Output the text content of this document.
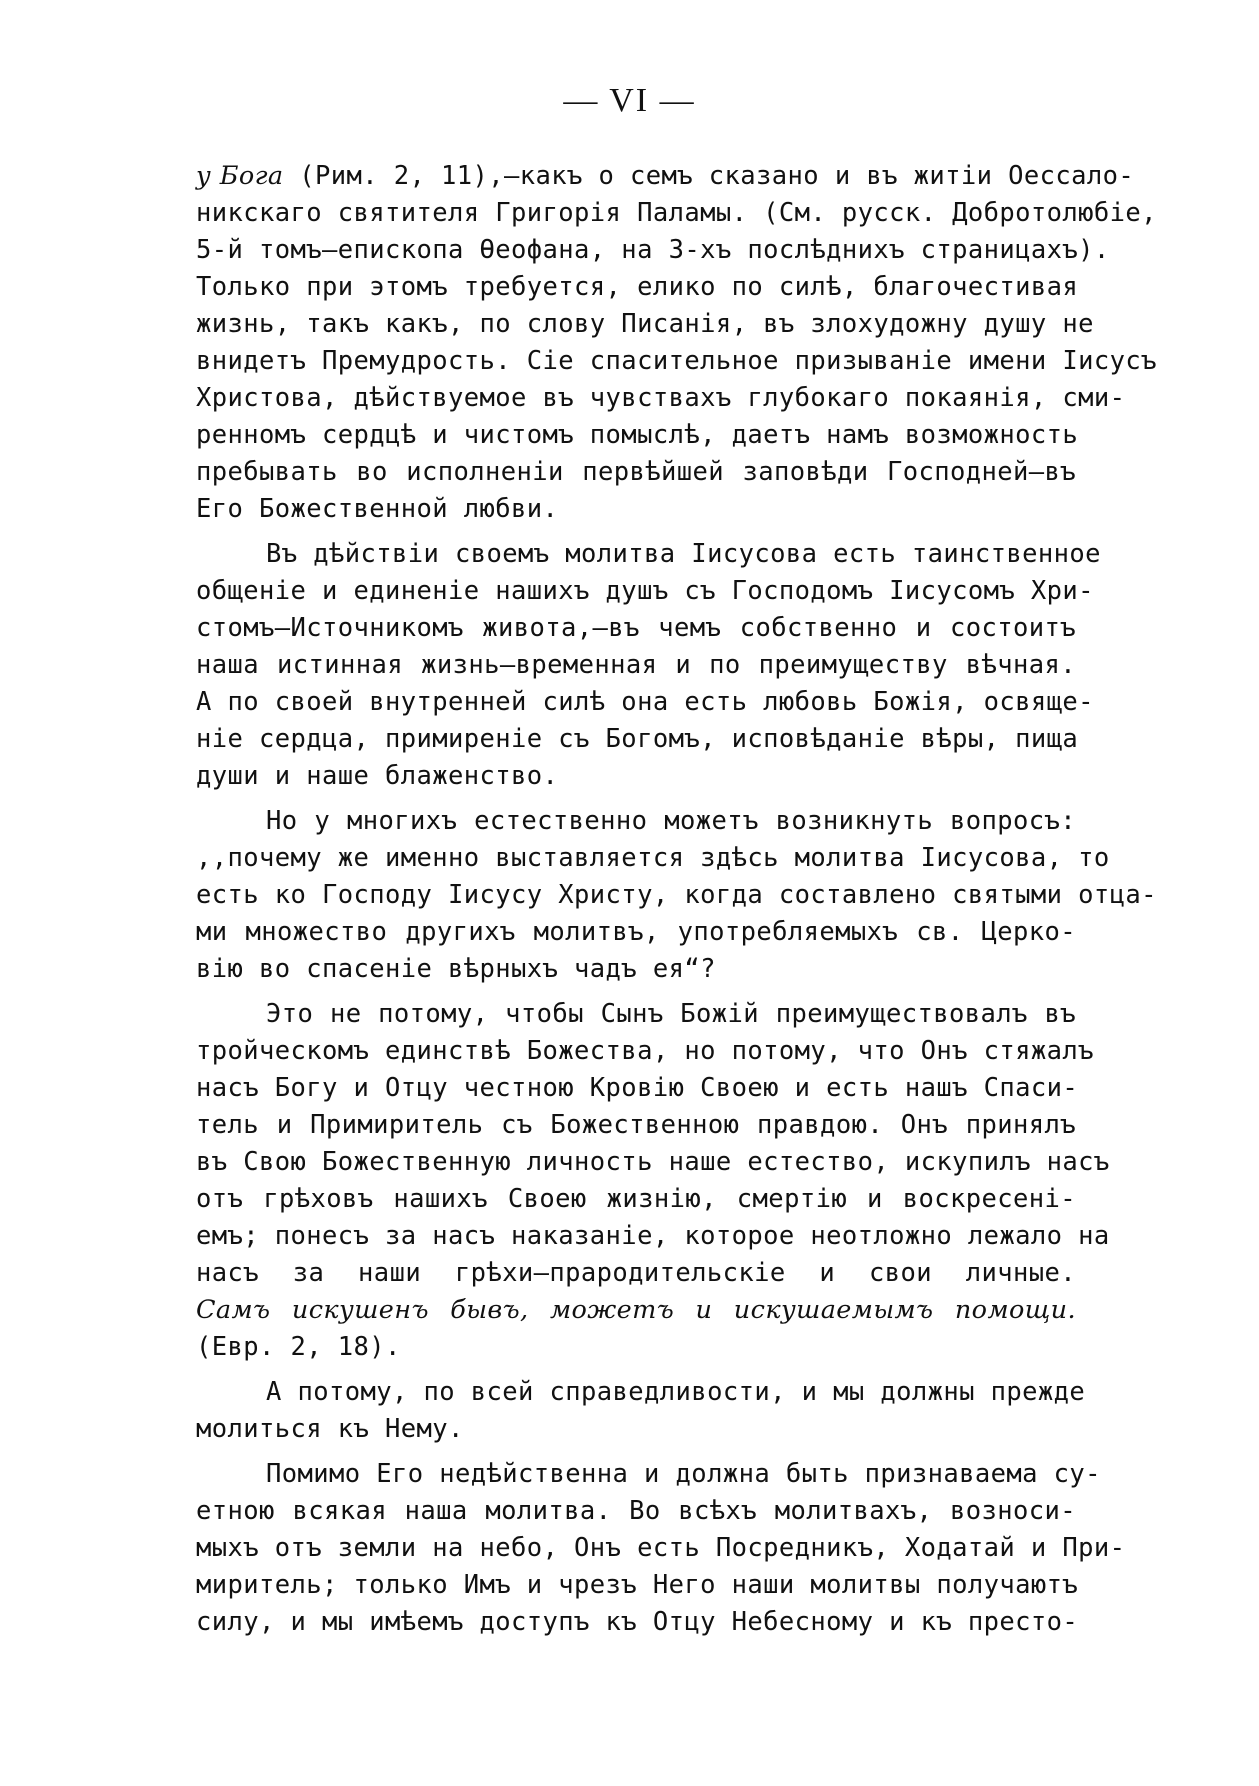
— VI —
у Бога (Рим. 2, 11),—какъ о семъ сказано и въ житіи Оессало-
никскаго святителя Григорія Паламы. (См. русск. Добротолюбіе,
5-й томъ—епископа Ѳеофана, на 3-хъ послѣднихъ страницахъ).
Только при этомъ требуется, елико по силѣ, благочестивая
жизнь, такъ какъ, по слову Писанія, въ злохудожну душу не
внидетъ Премудрость. Сіе спасительное призываніе имени Іисусъ
Христова, дѣйствуемое въ чувствахъ глубокаго покаянія, сми-
ренномъ сердцѣ и чистомъ помыслѣ, даетъ намъ возможность
пребывать во исполненіи первѣйшей заповѣди Господней—въ
Его Божественной любви.
Въ дѣйствіи своемъ молитва Іисусова есть таинственное
общеніе и единеніе нашихъ душъ съ Господомъ Іисусомъ Хри-
стомъ—Источникомъ живота,—въ чемъ собственно и состоитъ
наша истинная жизнь—временная и по преимуществу вѣчная.
А по своей внутренней силѣ она есть любовь Божія, освяще-
ніе сердца, примиреніе съ Богомъ, исповѣданіе вѣры, пища
души и наше блаженство.
Но у многихъ естественно можетъ возникнуть вопросъ:
,,почему же именно выставляется здѣсь молитва Іисусова, то
есть ко Господу Іисусу Христу, когда составлено святыми отца-
ми множество другихъ молитвъ, употребляемыхъ св. Церко-
вію во спасеніе вѣрныхъ чадъ ея“?
Это не потому, чтобы Сынъ Божій преимуществовалъ въ
тройческомъ единствѣ Божества, но потому, что Онъ стяжалъ
насъ Богу и Отцу честною Кровію Своею и есть нашъ Спаси-
тель и Примиритель съ Божественною правдою. Онъ принялъ
въ Свою Божественную личность наше естество, искупилъ насъ
отъ грѣховъ нашихъ Своею жизнію, смертію и воскресені-
емъ; понесъ за насъ наказаніе, которое неотложно лежало на
насъ за наши грѣхи—прародительскіе и свои личные.
Самъ искушенъ бывъ, можетъ и искушаемымъ помощи.
(Евр. 2, 18).
А потому, по всей справедливости, и мы должны прежде
молиться къ Нему.
Помимо Его недѣйственна и должна быть признаваема су-
етною всякая наша молитва. Во всѣхъ молитвахъ, возноси-
мыхъ отъ земли на небо, Онъ есть Посредникъ, Ходатай и При-
миритель; только Имъ и чрезъ Него наши молитвы получаютъ
силу, и мы имѣемъ доступъ къ Отцу Небесному и къ престо-
